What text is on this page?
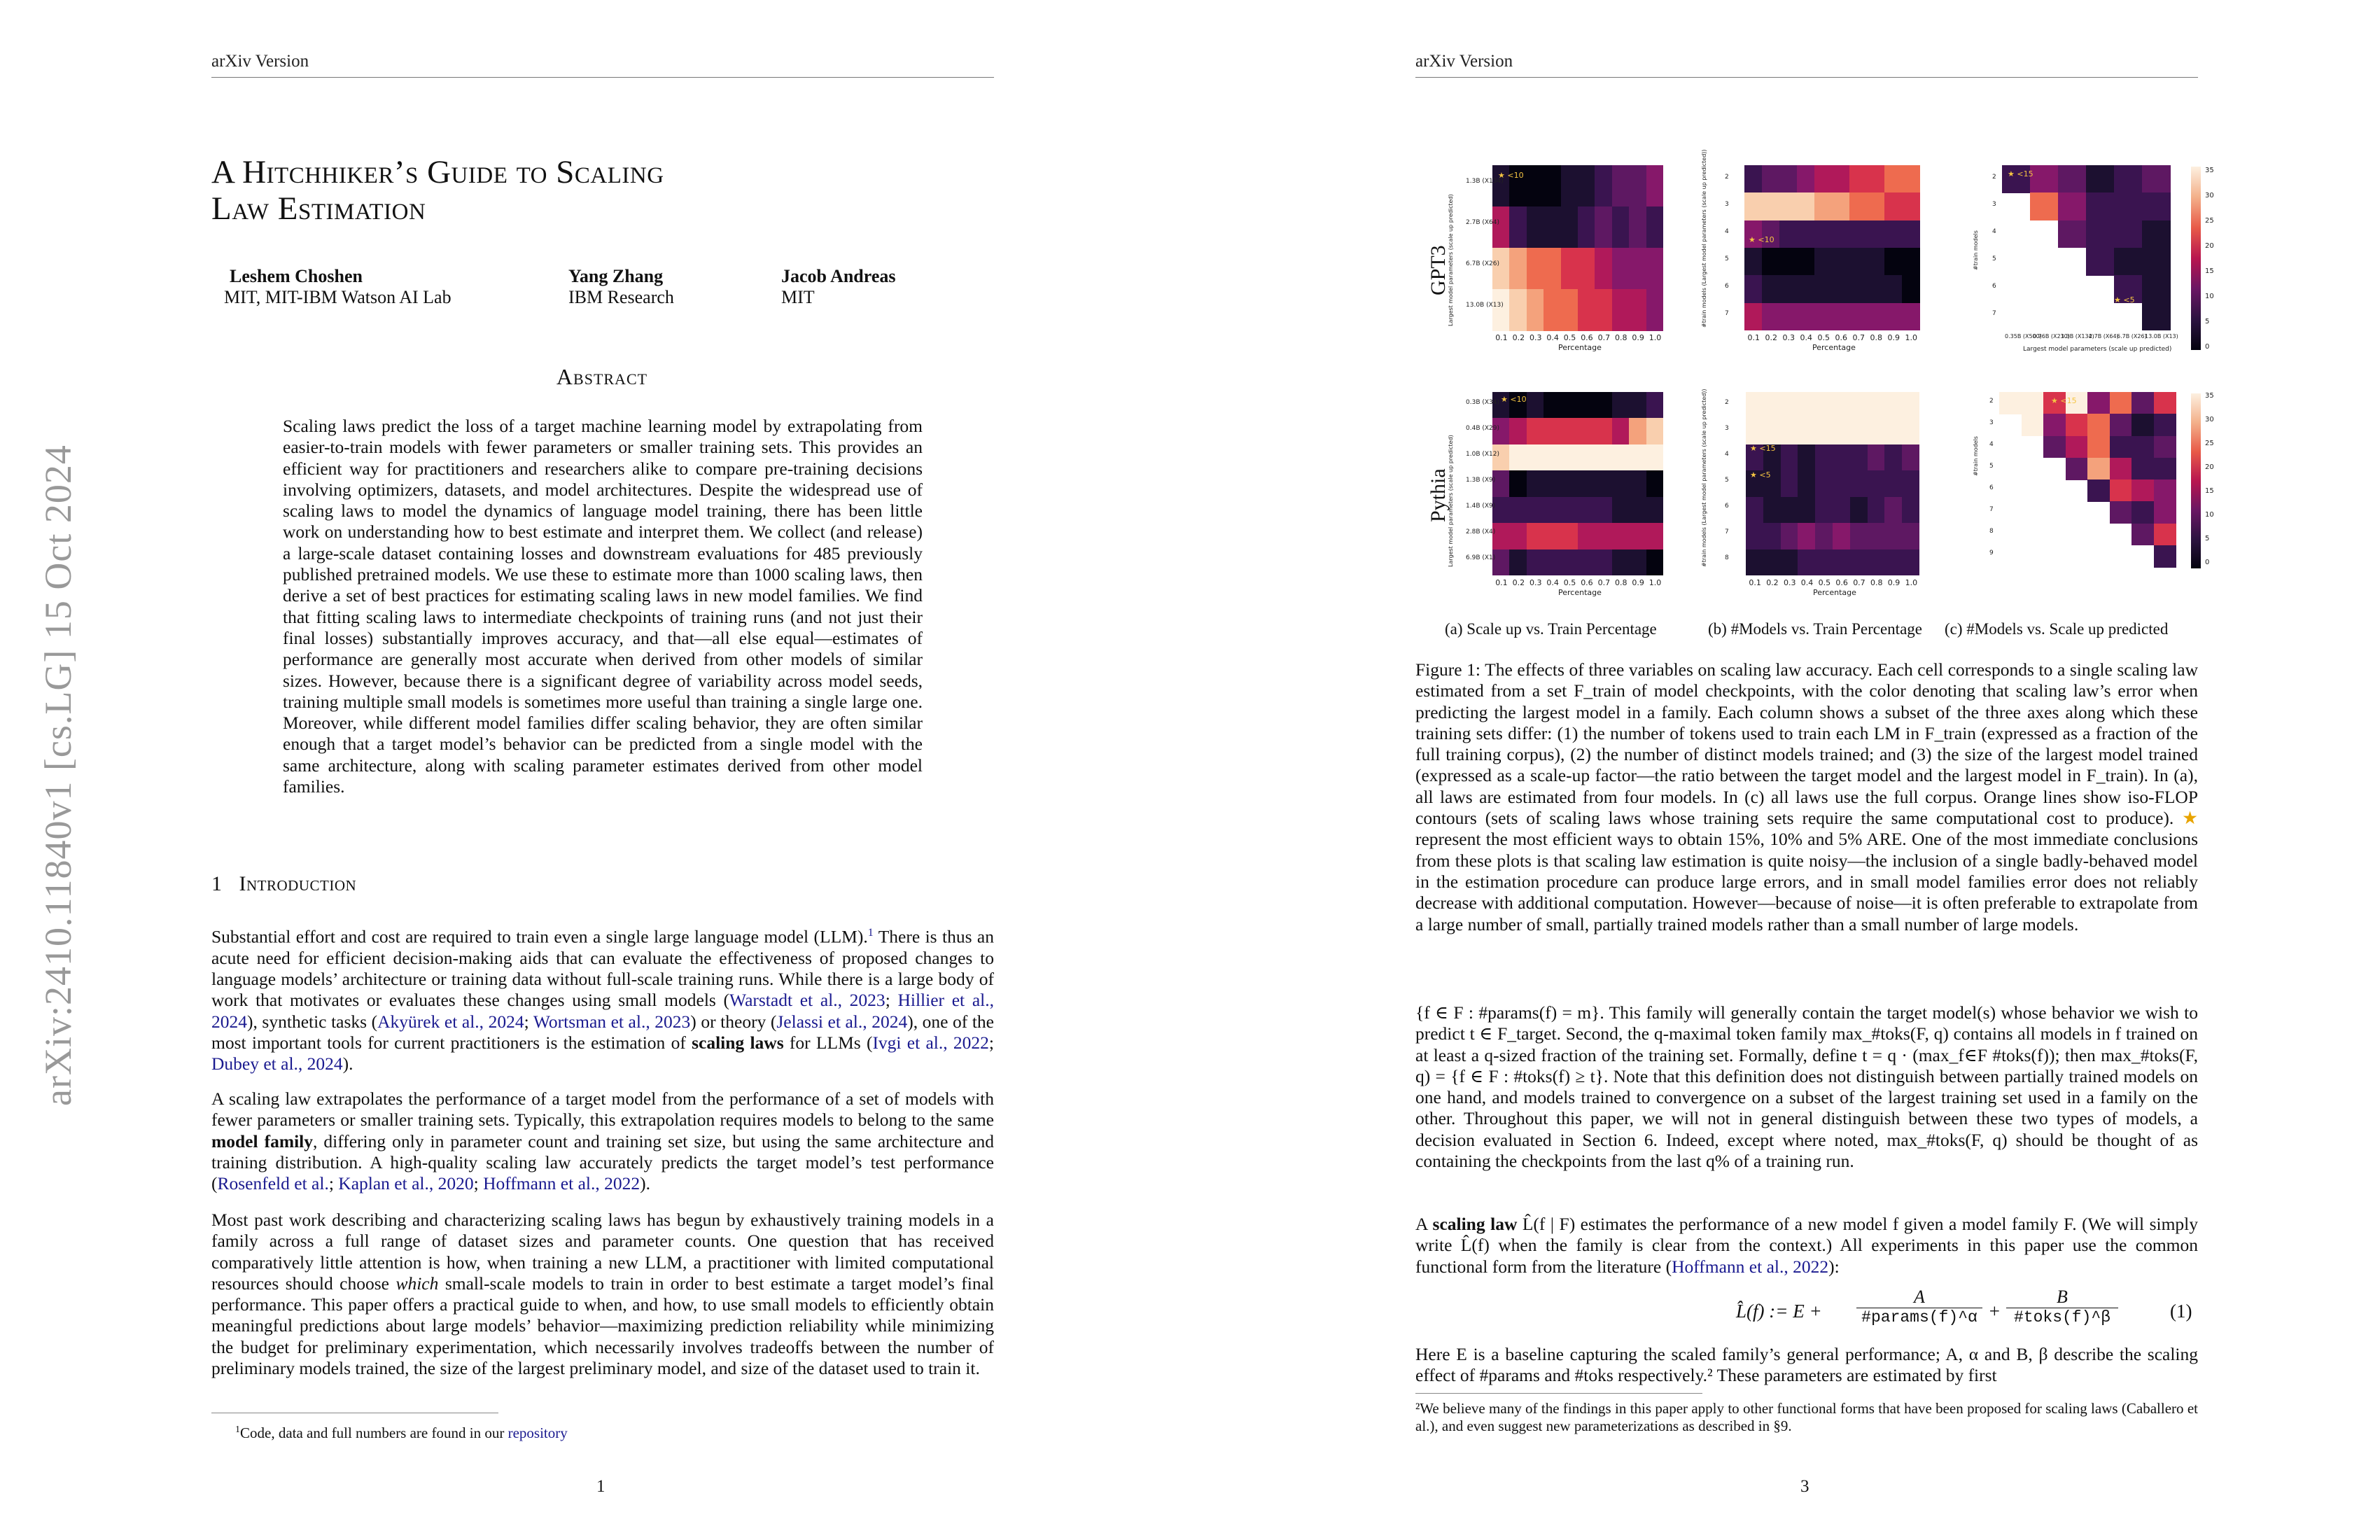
arXiv:2410.11840v1 [cs.LG] 15 Oct 2024
arXiv Version
A Hitchhiker’s Guide to Scaling
Law Estimation
Leshem Choshen
MIT, MIT-IBM Watson AI Lab
Yang Zhang
IBM Research
Jacob Andreas
MIT
Abstract
Scaling laws predict the loss of a target machine learning model by extrapolating from easier-to-train models with fewer parameters or smaller training sets. This provides an efficient way for practitioners and researchers alike to compare pre-training decisions involving optimizers, datasets, and model architectures. Despite the widespread use of scaling laws to model the dynamics of language model training, there has been little work on understanding how to best estimate and interpret them. We collect (and release) a large-scale dataset containing losses and downstream evaluations for 485 previously published pretrained models. We use these to estimate more than 1000 scaling laws, then derive a set of best practices for estimating scaling laws in new model families. We find that fitting scaling laws to intermediate checkpoints of training runs (and not just their final losses) substantially improves accuracy, and that—all else equal—estimates of performance are generally most accurate when derived from other models of similar sizes. However, because there is a significant degree of variability across model seeds, training multiple small models is sometimes more useful than training a single large one. Moreover, while different model families differ scaling behavior, they are often similar enough that a target model’s behavior can be predicted from a single model with the same architecture, along with scaling parameter estimates derived from other model families.
1 Introduction
Substantial effort and cost are required to train even a single large language model (LLM).$^1$ There is thus an acute need for efficient decision-making aids that can evaluate the effectiveness of proposed changes to language models’ architecture or training data without full-scale training runs. While there is a large body of work that motivates or evaluates these changes using small models (Warstadt et al., 2023; Hillier et al., 2024), synthetic tasks (Akyürek et al., 2024; Wortsman et al., 2023) or theory (Jelassi et al., 2024), one of the most important tools for current practitioners is the estimation of scaling laws for LLMs (Ivgi et al., 2022; Dubey et al., 2024).
A scaling law extrapolates the performance of a target model from the performance of a set of models with fewer parameters or smaller training sets. Typically, this extrapolation requires models to belong to the same model family, differing only in parameter count and training set size, but using the same architecture and training distribution. A high-quality scaling law accurately predicts the target model’s test performance (Rosenfeld et al.; Kaplan et al., 2020; Hoffmann et al., 2022).
Most past work describing and characterizing scaling laws has begun by exhaustively training models in a family across a full range of dataset sizes and parameter counts. One question that has received comparatively little attention is how, when training a new LLM, a practitioner with limited computational resources should choose which small-scale models to train in order to best estimate a target model’s final performance. This paper offers a practical guide to when, and how, to use small models to efficiently obtain meaningful predictions about large models’ behavior—maximizing prediction reliability while minimizing the budget for preliminary experimentation, which necessarily involves tradeoffs between the number of preliminary models trained, the size of the largest preliminary model, and size of the dataset used to train it.
$^1$Code, data and full numbers are found in our repository
1
arXiv Version
GPT3
Pythia
1.3B (X134)
2.7B (X64)
6.7B (X26)
13.0B (X13)
0.1 0.2 0.3 0.4 0.5 0.6 0.7 0.8 0.9 1.0
Percentage
Largest model parameters (scale up predicted)
★ <10	2
3
4
5
6
7
0.1 0.2 0.3 0.4 0.5 0.6 0.7 0.8 0.9 1.0
Percentage
#train models (Largest model parameters (scale up predicted))	★ <10
2
3
4
5
6
7
0.35B (X500)
0.76B (X230)
1.3B (X134)
2.7B (X64)
6.7B (X26)
13.0B (X13)
Largest model parameters (scale up predicted)
#train models
★ <15
★ <5
0.3B (X34)
0.4B (X29)
1.0B (X12)
1.3B (X9)
1.4B (X9)
2.8B (X4)
6.9B (X1)
0.1 0.2 0.3 0.4 0.5 0.6 0.7 0.8 0.9 1.0
Percentage
Largest model parameters (scale up predicted)
★ <10	2
3
4
5
6
7
8
0.1 0.2 0.3 0.4 0.5 0.6 0.7 0.8 0.9 1.0
Percentage
#train models (Largest model parameters (scale up predicted))	★ <15
★ <5
2
3
4
5
6
7
8
9
#train models
★ <15
(a) Scale up vs. Train Percentage	(b) #Models vs. Train Percentage (c) #Models vs. Scale up predicted
Figure 1: The effects of three variables on scaling law accuracy. Each cell corresponds to a single scaling law estimated from a set F_train of model checkpoints, with the color denoting that scaling law’s error when predicting the largest model in a family. Each column shows a subset of the three axes along which these training sets differ: (1) the number of tokens used to train each LM in F_train (expressed as a fraction of the full training corpus), (2) the number of distinct models trained; and (3) the size of the largest model trained (expressed as a scale-up factor—the ratio between the target model and the largest model in F_train). In (a), all laws are estimated from four models. In (c) all laws use the full corpus. Orange lines show iso-FLOP contours (sets of scaling laws whose training sets require the same computational cost to produce). ★ represent the most efficient ways to obtain 15%, 10% and 5% ARE. One of the most immediate conclusions from these plots is that scaling law estimation is quite noisy—the inclusion of a single badly-behaved model in the estimation procedure can produce large errors, and in small model families error does not reliably decrease with additional computation. However—because of noise—it is often preferable to extrapolate from a large number of small, partially trained models rather than a small number of large models.
{f ∈ F : #params(f) = m}. This family will generally contain the target model(s) whose behavior we wish to predict t ∈ F_target. Second, the q-maximal token family max_#toks(F, q) contains all models in f trained on at least a q-sized fraction of the training set. Formally, define t = q · (max_f∈F #toks(f)); then max_#toks(F, q) = {f ∈ F : #toks(f) ≥ t}. Note that this definition does not distinguish between partially trained models on one hand, and models trained to convergence on a subset of the largest training set used in a family on the other. Throughout this paper, we will not in general distinguish between these two types of models, a decision evaluated in Section 6. Indeed, except where noted, max_#toks(F, q) should be thought of as containing the checkpoints from the last q% of a training run.
A scaling law L̂(f | F) estimates the performance of a new model f given a model family F. (We will simply write L̂(f) when the family is clear from the context.) All experiments in this paper use the common functional form from the literature (Hoffmann et al., 2022):
L̂(f) := E +
A
#params(f)^α +
B
#toks(f)^β	(1)
Here E is a baseline capturing the scaled family’s general performance; A, α and B, β describe the scaling effect of #params and #toks respectively.² These parameters are estimated by first
²We believe many of the findings in this paper apply to other functional forms that have been proposed for scaling laws (Caballero et al.), and even suggest new parameterizations as described in §9.
3
35
30
25
20
15
10
5
0
35
30
25
20
15
10
5
0
